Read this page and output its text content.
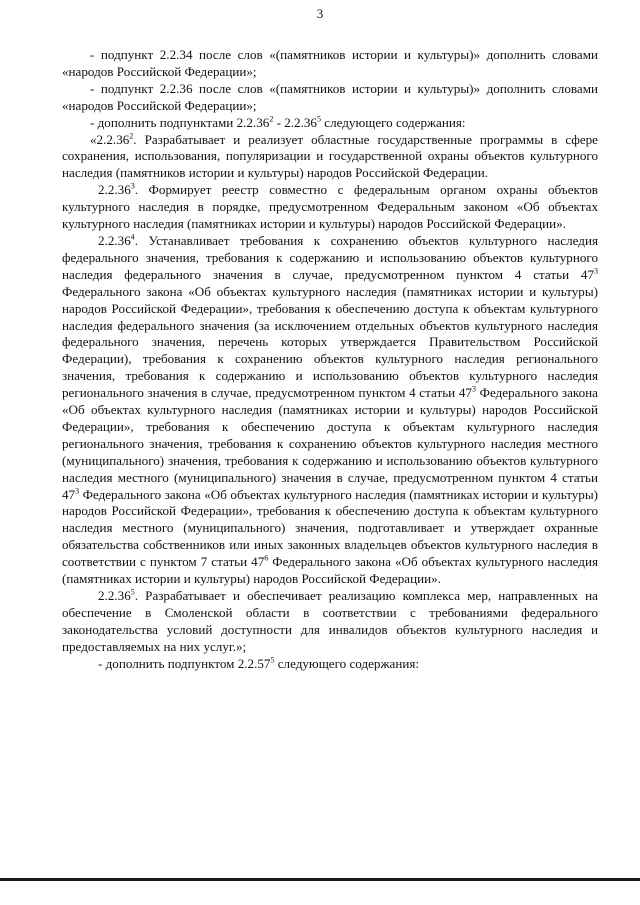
3

- подпункт 2.2.34 после слов «(памятников истории и культуры)» дополнить словами «народов Российской Федерации»;

- подпункт 2.2.36 после слов «(памятников истории и культуры)» дополнить словами «народов Российской Федерации»;

- дополнить подпунктами 2.2.36$^2$ - 2.2.36$^5$ следующего содержания:

«2.2.36$^2$. Разрабатывает и реализует областные государственные программы в сфере сохранения, использования, популяризации и государственной охраны объектов культурного наследия (памятников истории и культуры) народов Российской Федерации.

2.2.36$^3$. Формирует реестр совместно с федеральным органом охраны объектов культурного наследия в порядке, предусмотренном Федеральным законом «Об объектах культурного наследия (памятниках истории и культуры) народов Российской Федерации».

2.2.36$^4$. Устанавливает требования к сохранению объектов культурного наследия федерального значения, требования к содержанию и использованию объектов культурного наследия федерального значения в случае, предусмотренном пунктом 4 статьи $47^3$ Федерального закона «Об объектах культурного наследия (памятниках истории и культуры) народов Российской Федерации», требования к обеспечению доступа к объектам культурного наследия федерального значения (за исключением отдельных объектов культурного наследия федерального значения, перечень которых утверждается Правительством Российской Федерации), требования к сохранению объектов культурного наследия регионального значения, требования к содержанию и использованию объектов культурного наследия регионального значения в случае, предусмотренном пунктом 4 статьи $47^3$ Федерального закона «Об объектах культурного наследия (памятниках истории и культуры) народов Российской Федерации», требования к обеспечению доступа к объектам культурного наследия регионального значения, требования к сохранению объектов культурного наследия местного (муниципального) значения, требования к содержанию и использованию объектов культурного наследия местного (муниципального) значения в случае, предусмотренном пунктом 4 статьи $47^3$ Федерального закона «Об объектах культурного наследия (памятниках истории и культуры) народов Российской Федерации», требования к обеспечению доступа к объектам культурного наследия местного (муниципального) значения, подготавливает и утверждает охранные обязательства собственников или иных законных владельцев объектов культурного наследия в соответствии с пунктом 7 статьи $47^6$ Федерального закона «Об объектах культурного наследия (памятниках истории и культуры) народов Российской Федерации».

2.2.36$^5$. Разрабатывает и обеспечивает реализацию комплекса мер, направленных на обеспечение в Смоленской области в соответствии с требованиями федерального законодательства условий доступности для инвалидов объектов культурного наследия и предоставляемых на них услуг.»;

- дополнить подпунктом 2.2.57$^5$ следующего содержания:
